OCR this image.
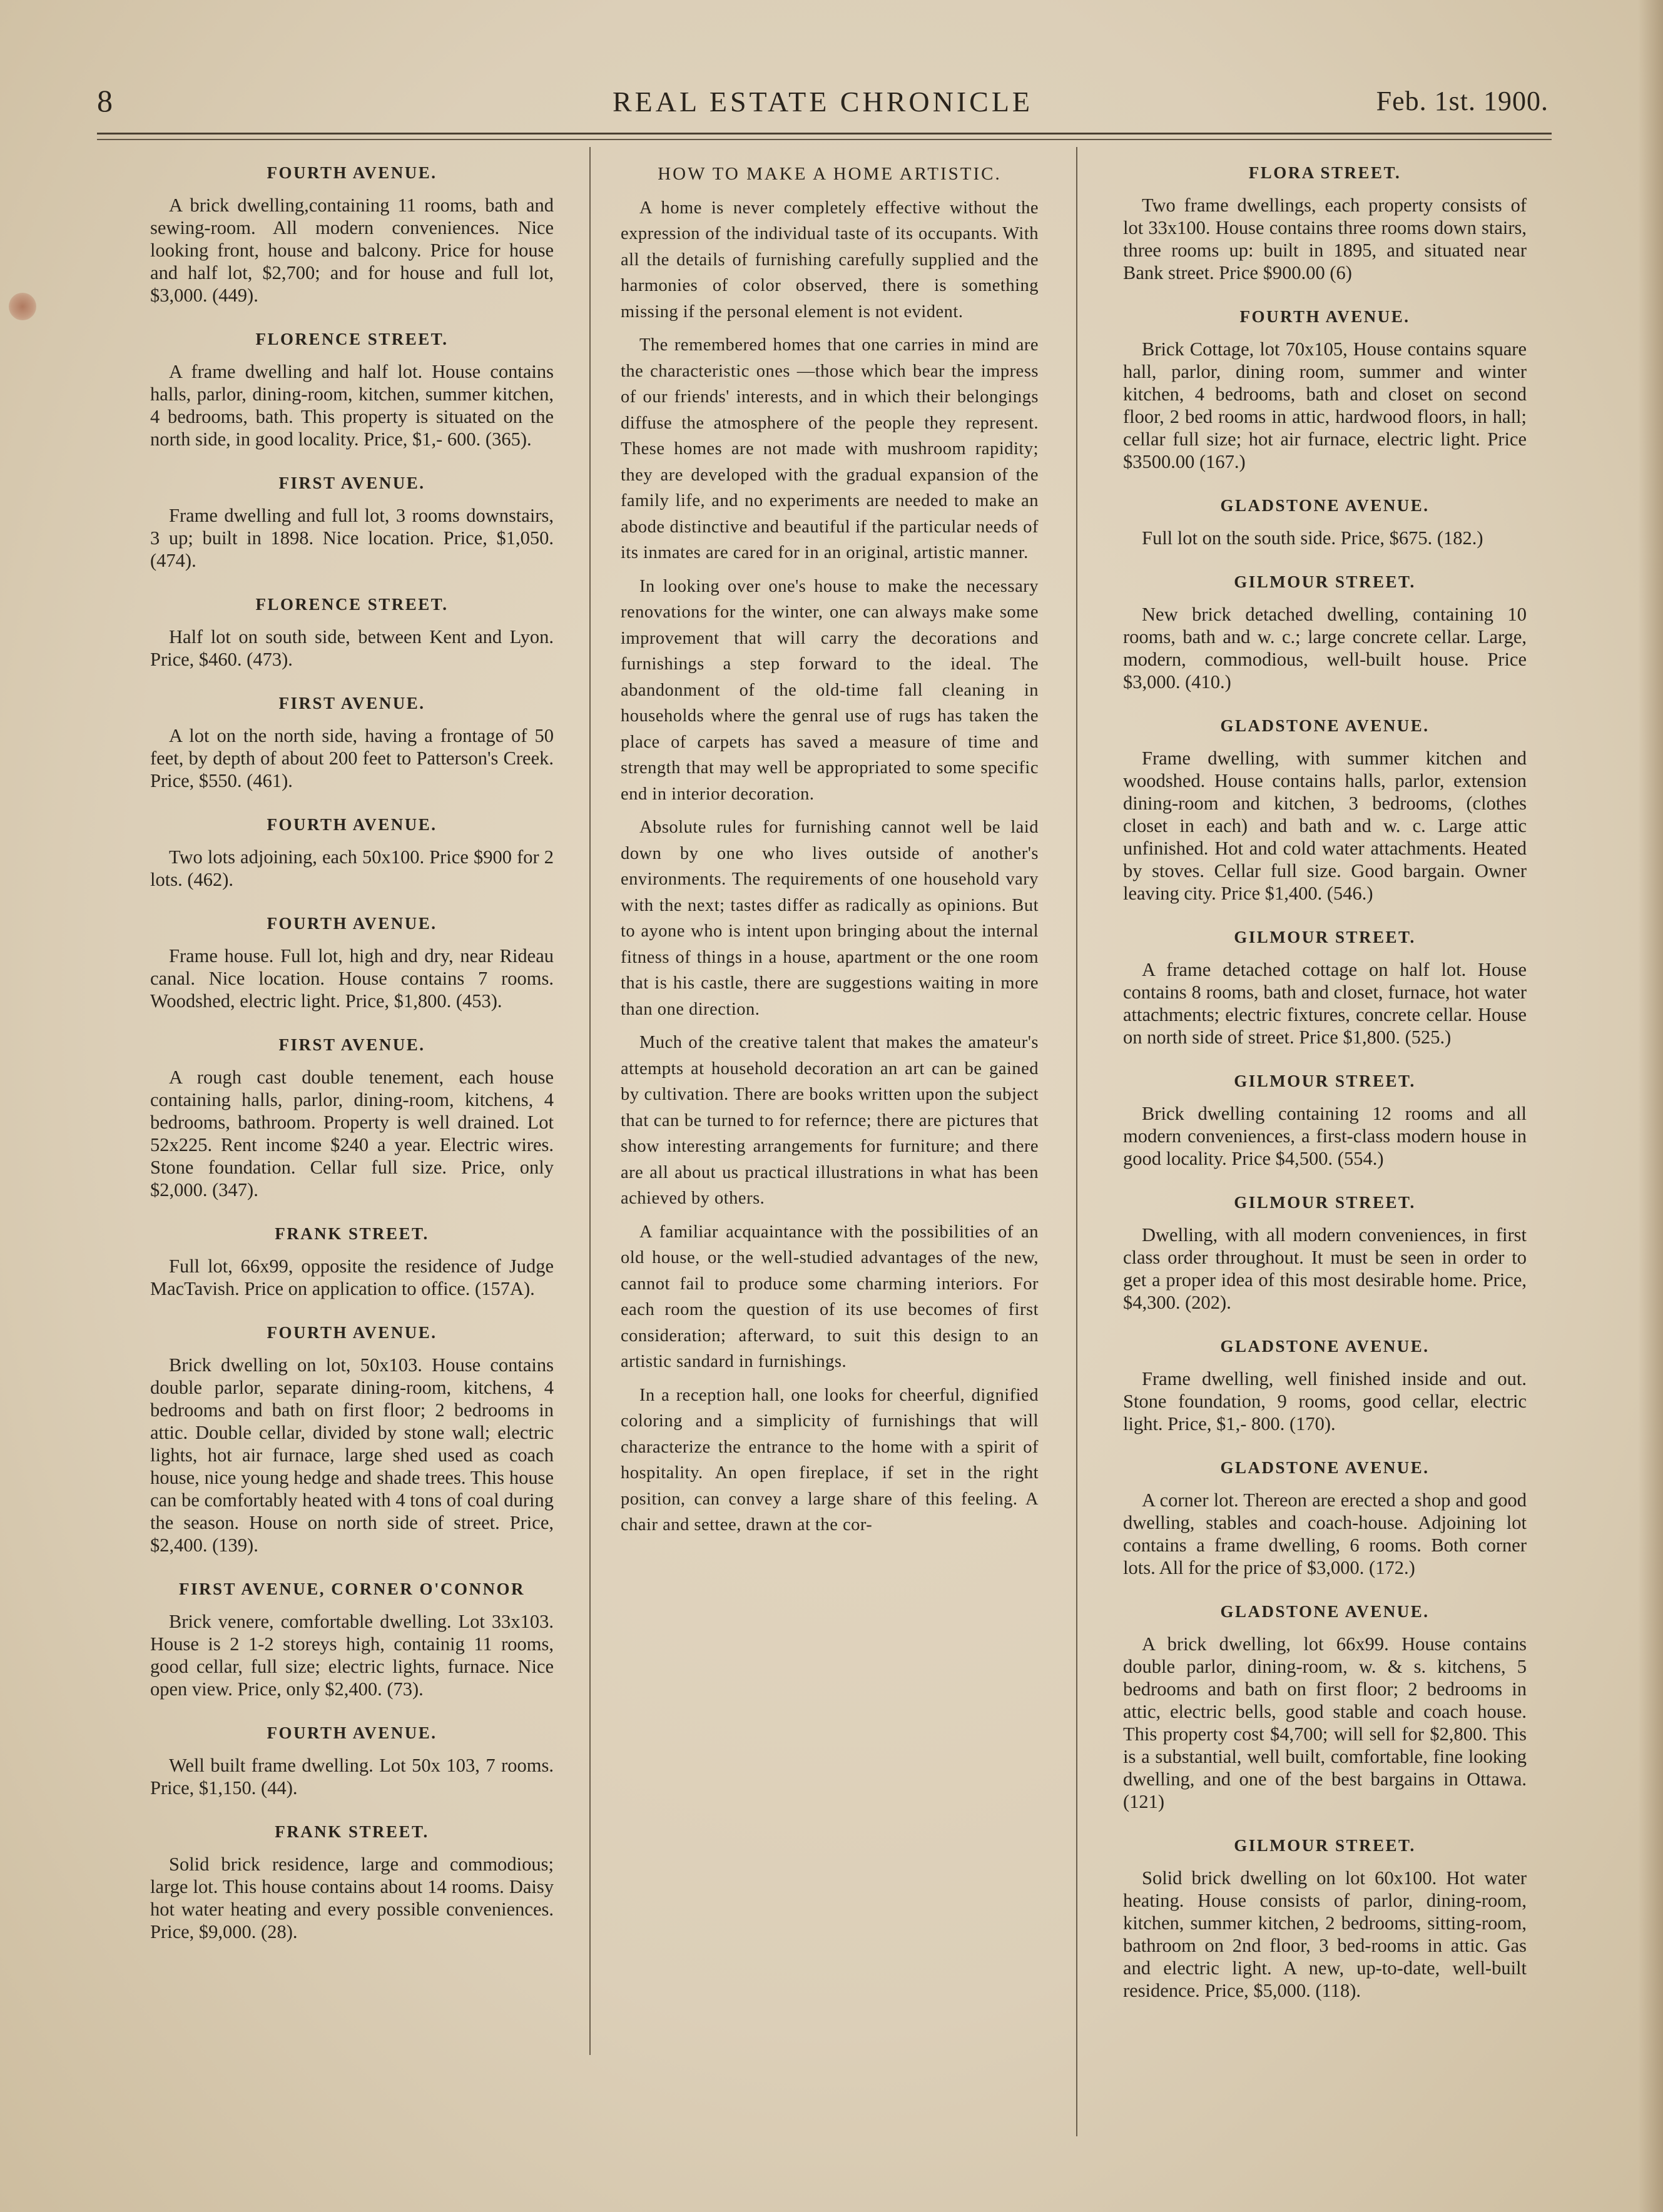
8	REAL ESTATE CHRONICLE	Feb. 1st. 1900.
FOURTH AVENUE.
A brick dwelling,containing 11 rooms, bath and sewing-room. All modern conveniences. Nice looking front, house and balcony. Price for house and half lot, $2,700; and for house and full lot, $3,000. (449).
FLORENCE STREET.
A frame dwelling and half lot. House contains halls, parlor, dining-room, kitchen, summer kitchen, 4 bedrooms, bath. This property is situated on the north side, in good locality. Price, $1,- 600. (365).
FIRST AVENUE.
Frame dwelling and full lot, 3 rooms downstairs, 3 up; built in 1898. Nice location. Price, $1,050. (474).
FLORENCE STREET.
Half lot on south side, between Kent and Lyon. Price, $460. (473).
FIRST AVENUE.
A lot on the north side, having a frontage of 50 feet, by depth of about 200 feet to Patterson's Creek. Price, $550. (461).
FOURTH AVENUE.
Two lots adjoining, each 50x100. Price $900 for 2 lots. (462).
FOURTH AVENUE.
Frame house. Full lot, high and dry, near Rideau canal. Nice location. House contains 7 rooms. Woodshed, electric light. Price, $1,800. (453).
FIRST AVENUE.
A rough cast double tenement, each house containing halls, parlor, dining-room, kitchens, 4 bedrooms, bathroom. Property is well drained. Lot 52x225. Rent income $240 a year. Electric wires. Stone foundation. Cellar full size. Price, only $2,000. (347).
FRANK STREET.
Full lot, 66x99, opposite the residence of Judge MacTavish. Price on application to office. (157A).
FOURTH AVENUE.
Brick dwelling on lot, 50x103. House contains double parlor, separate dining-room, kitchens, 4 bedrooms and bath on first floor; 2 bedrooms in attic. Double cellar, divided by stone wall; electric lights, hot air furnace, large shed used as coach house, nice young hedge and shade trees. This house can be comfortably heated with 4 tons of coal during the season. House on north side of street. Price, $2,400. (139).
FIRST AVENUE, CORNER O'CONNOR
Brick venere, comfortable dwelling. Lot 33x103. House is 2 1-2 storeys high, containig 11 rooms, good cellar, full size; electric lights, furnace. Nice open view. Price, only $2,400. (73).
FOURTH AVENUE.
Well built frame dwelling. Lot 50x 103, 7 rooms. Price, $1,150. (44).
FRANK STREET.
Solid brick residence, large and commodious; large lot. This house contains about 14 rooms. Daisy hot water heating and every possible conveniences. Price, $9,000. (28).
HOW TO MAKE A HOME ARTISTIC.
A home is never completely effective without the expression of the individual taste of its occupants. With all the details of furnishing carefully supplied and the harmonies of color observed, there is something missing if the personal element is not evident.
The remembered homes that one carries in mind are the characteristic ones —those which bear the impress of our friends' interests, and in which their belongings diffuse the atmosphere of the people they represent. These homes are not made with mushroom rapidity; they are developed with the gradual expansion of the family life, and no experiments are needed to make an abode distinctive and beautiful if the particular needs of its inmates are cared for in an original, artistic manner.
In looking over one's house to make the necessary renovations for the winter, one can always make some improvement that will carry the decorations and furnishings a step forward to the ideal. The abandonment of the old-time fall cleaning in households where the genral use of rugs has taken the place of carpets has saved a measure of time and strength that may well be appropriated to some specific end in interior decoration.
Absolute rules for furnishing cannot well be laid down by one who lives outside of another's environments. The requirements of one household vary with the next; tastes differ as radically as opinions. But to ayone who is intent upon bringing about the internal fitness of things in a house, apartment or the one room that is his castle, there are suggestions waiting in more than one direction.
Much of the creative talent that makes the amateur's attempts at household decoration an art can be gained by cultivation. There are books written upon the subject that can be turned to for refernce; there are pictures that show interesting arrangements for furniture; and there are all about us practical illustrations in what has been achieved by others.
A familiar acquaintance with the possibilities of an old house, or the well-studied advantages of the new, cannot fail to produce some charming interiors. For each room the question of its use becomes of first consideration; afterward, to suit this design to an artistic sandard in furnishings.
In a reception hall, one looks for cheerful, dignified coloring and a simplicity of furnishings that will characterize the entrance to the home with a spirit of hospitality. An open fireplace, if set in the right position, can convey a large share of this feeling. A chair and settee, drawn at the cor-
FLORA STREET.
Two frame dwellings, each property consists of lot 33x100. House contains three rooms down stairs, three rooms up: built in 1895, and situated near Bank street. Price $900.00 (6)
FOURTH AVENUE.
Brick Cottage, lot 70x105, House contains square hall, parlor, dining room, summer and winter kitchen, 4 bedrooms, bath and closet on second floor, 2 bed rooms in attic, hardwood floors, in hall; cellar full size; hot air furnace, electric light. Price $3500.00 (167.)
GLADSTONE AVENUE.
Full lot on the south side. Price, $675. (182.)
GILMOUR STREET.
New brick detached dwelling, containing 10 rooms, bath and w. c.; large concrete cellar. Large, modern, commodious, well-built house. Price $3,000. (410.)
GLADSTONE AVENUE.
Frame dwelling, with summer kitchen and woodshed. House contains halls, parlor, extension dining-room and kitchen, 3 bedrooms, (clothes closet in each) and bath and w. c. Large attic unfinished. Hot and cold water attachments. Heated by stoves. Cellar full size. Good bargain. Owner leaving city. Price $1,400. (546.)
GILMOUR STREET.
A frame detached cottage on half lot. House contains 8 rooms, bath and closet, furnace, hot water attachments; electric fixtures, concrete cellar. House on north side of street. Price $1,800. (525.)
GILMOUR STREET.
Brick dwelling containing 12 rooms and all modern conveniences, a first-class modern house in good locality. Price $4,500. (554.)
GILMOUR STREET.
Dwelling, with all modern conveniences, in first class order throughout. It must be seen in order to get a proper idea of this most desirable home. Price, $4,300. (202).
GLADSTONE AVENUE.
Frame dwelling, well finished inside and out. Stone foundation, 9 rooms, good cellar, electric light. Price, $1,- 800. (170).
GLADSTONE AVENUE.
A corner lot. Thereon are erected a shop and good dwelling, stables and coach-house. Adjoining lot contains a frame dwelling, 6 rooms. Both corner lots. All for the price of $3,000. (172.)
GLADSTONE AVENUE.
A brick dwelling, lot 66x99. House contains double parlor, dining-room, w. & s. kitchens, 5 bedrooms and bath on first floor; 2 bedrooms in attic, electric bells, good stable and coach house. This property cost $4,700; will sell for $2,800. This is a substantial, well built, comfortable, fine looking dwelling, and one of the best bargains in Ottawa. (121)
GILMOUR STREET.
Solid brick dwelling on lot 60x100. Hot water heating. House consists of parlor, dining-room, kitchen, summer kitchen, 2 bedrooms, sitting-room, bathroom on 2nd floor, 3 bed-rooms in attic. Gas and electric light. A new, up-to-date, well-built residence. Price, $5,000. (118).
